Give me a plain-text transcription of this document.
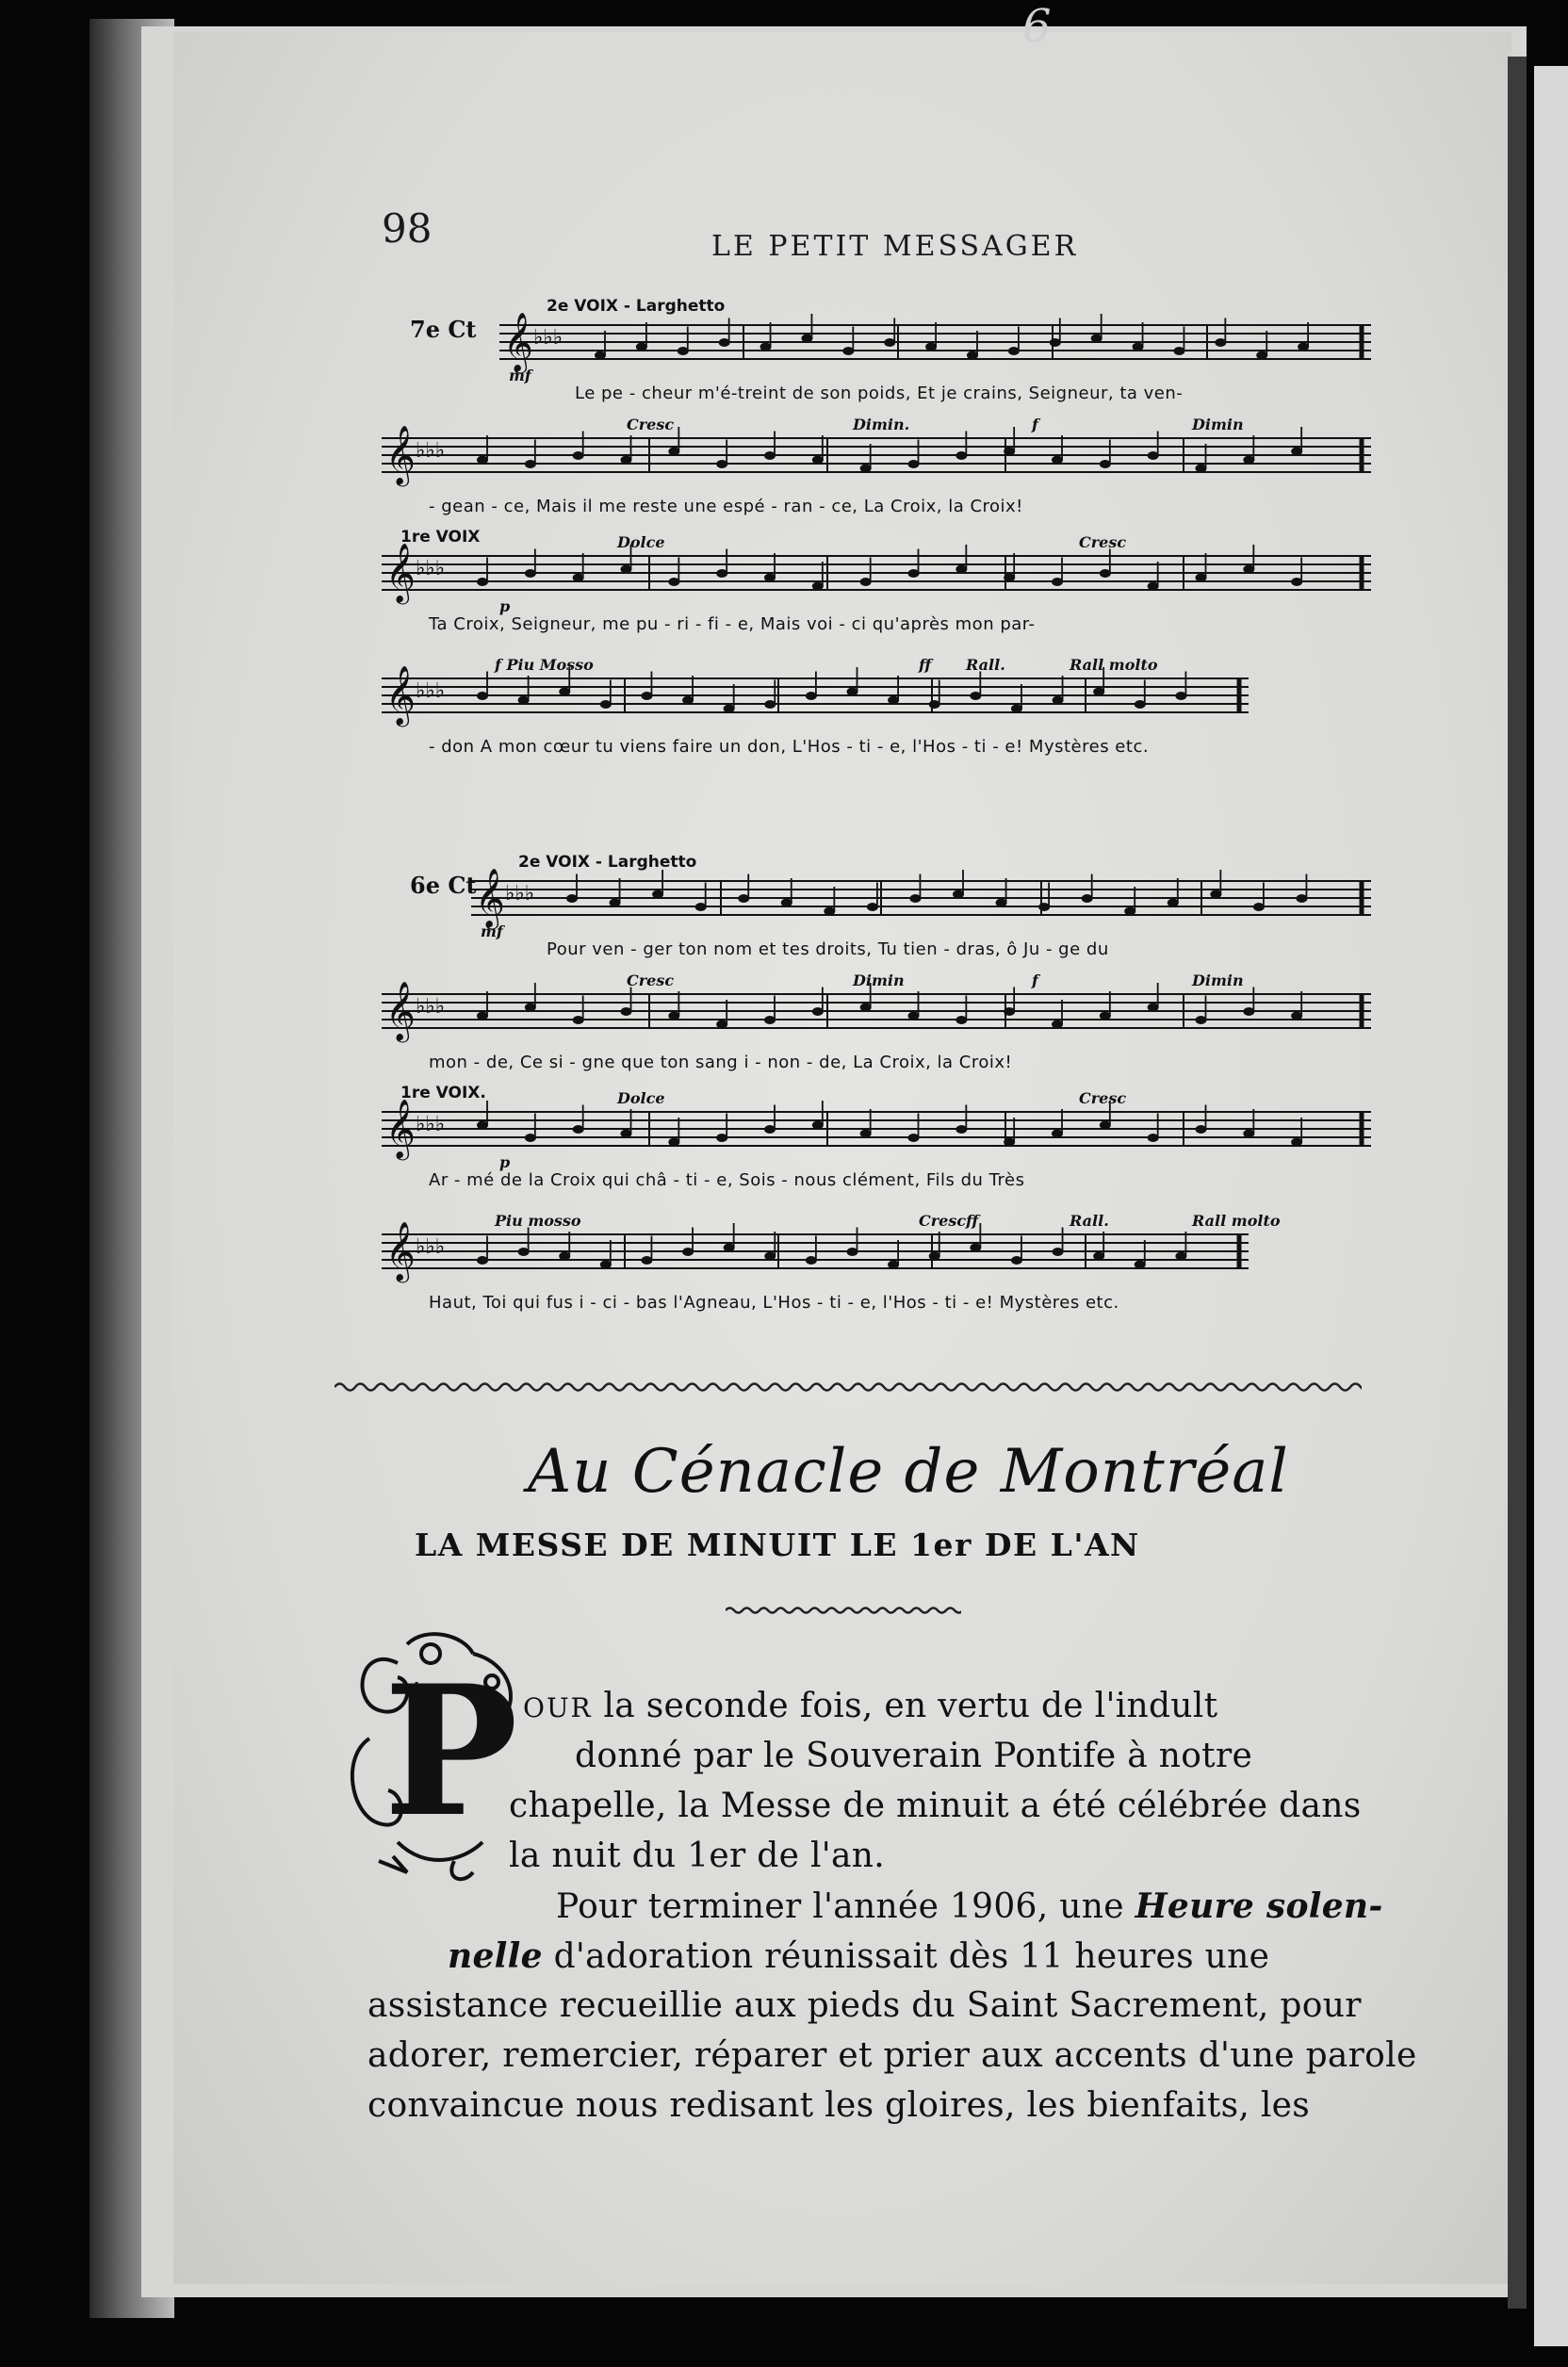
6
98	LE PETIT MESSAGER
7e Ct 𝄞 ♭♭♭
2e VOIX - Larghetto
mf
Le pe - cheur m'é-treint de son poids, Et je crains, Seigneur, ta ven-
𝄞 ♭♭♭
Cresc	Dimin.	f	Dimin
- gean - ce, Mais il me reste une espé - ran - ce, La Croix, la Croix!
𝄞 ♭♭♭
1re VOIX	Dolce
p
Cresc
Ta Croix, Seigneur, me pu - ri - fi - e, Mais voi - ci qu'après mon par-
𝄞 ♭♭♭
f Piu Mosso	ff Rall.	Rall molto
- don A mon cœur tu viens faire un don, L'Hos - ti - e, l'Hos - ti - e! Mystères etc.
6e Ct
𝄞 ♭♭♭
2e VOIX - Larghetto
mf
Pour ven - ger ton nom et tes droits, Tu tien - dras, ô Ju - ge du
𝄞 ♭♭♭
Cresc	Dimin	f	Dimin
mon - de, Ce si - gne que ton sang i - non - de, La Croix, la Croix!
𝄞 ♭♭♭
1re VOIX.	Dolce
p
Cresc
Ar - mé de la Croix qui châ - ti - e, Sois - nous clément, Fils du Très
𝄞 ♭♭♭
Piu mosso	Cresc ff	Rall.	Rall molto
Haut, Toi qui fus i - ci - bas l'Agneau, L'Hos - ti - e, l'Hos - ti - e! Mystères etc.
Au Cénacle de Montréal
LA MESSE DE MINUIT LE 1er DE L'AN
P OUR la seconde fois, en vertu de l'indult
donné par le Souverain Pontife à notre
chapelle, la Messe de minuit a été célébrée dans
la nuit du 1er de l'an.
Pour terminer l'année 1906, une Heure solen-
nelle d'adoration réunissait dès 11 heures une
assistance recueillie aux pieds du Saint Sacrement, pour
adorer, remercier, réparer et prier aux accents d'une parole
convaincue nous redisant les gloires, les bienfaits, les
